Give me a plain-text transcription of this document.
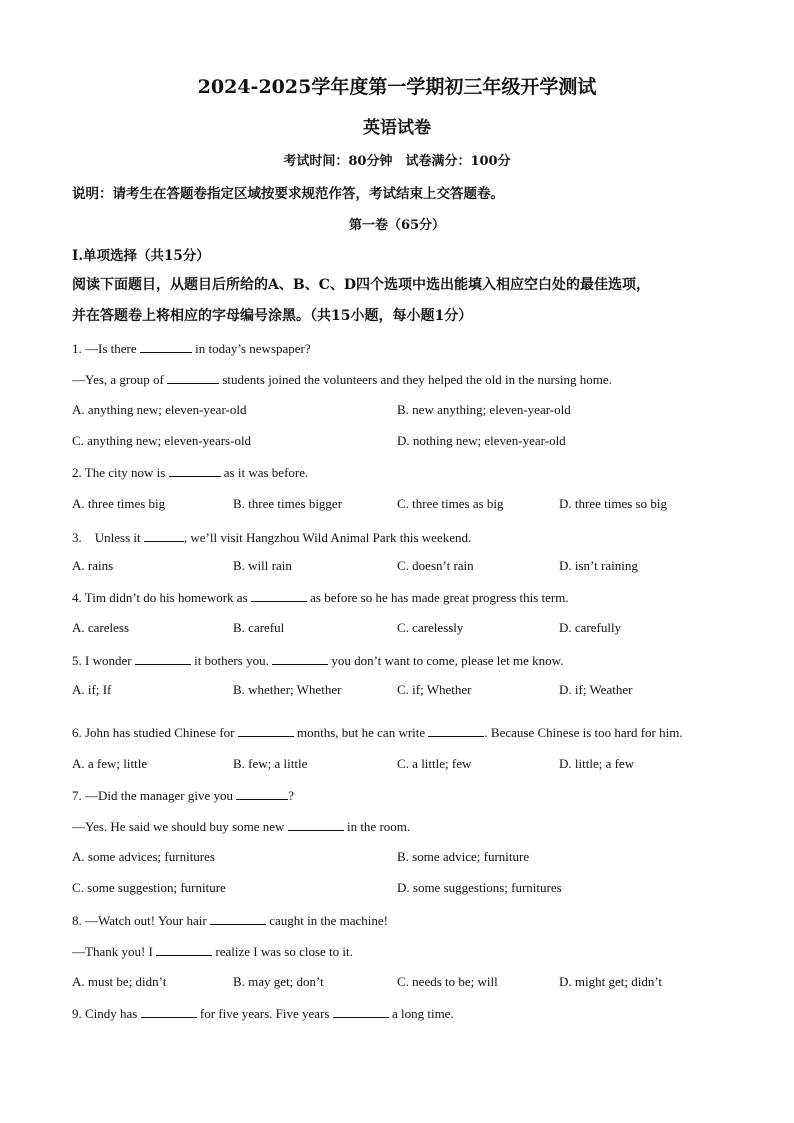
2024-2025学年度第一学期初三年级开学测试
英语试卷
考试时间：80分钟　试卷满分：100分
说明：请考生在答题卷指定区域按要求规范作答，考试结束上交答题卷。
第一卷（65分）
I.单项选择（共15分）
阅读下面题目，从题目后所给的A、B、C、D四个选项中选出能填入相应空白处的最佳选项，
并在答题卷上将相应的字母编号涂黑。（共15小题，每小题1分）
1. —Is there	in today’s newspaper?
—Yes, a group of	students joined the volunteers and they helped the old in the nursing home.
A. anything new; eleven-year-old	B. new anything; eleven-year-old
C. anything new; eleven-years-old	D. nothing new; eleven-year-old
2. The city now is	as it was before.
A. three times big	B. three times bigger	C. three times as big	D. three times so big
3.　Unless it	, we’ll visit Hangzhou Wild Animal Park this weekend.
A. rains	B. will rain	C. doesn’t rain	D. isn’t raining
4. Tim didn’t do his homework as	as before so he has made great progress this term.
A. careless	B. careful	C. carelessly	D. carefully
5. I wonder	it bothers you.	you don’t want to come, please let me know.
A. if; If	B. whether; Whether	C. if; Whether	D. if; Weather
6. John has studied Chinese for	months, but he can write	. Because Chinese is too hard for him.
A. a few; little	B. few; a little	C. a little; few	D. little; a few
7. —Did the manager give you	?
—Yes. He said we should buy some new	in the room.
A. some advices; furnitures	B. some advice; furniture
C. some suggestion; furniture	D. some suggestions; furnitures
8. —Watch out! Your hair	caught in the machine!
—Thank you! I	realize I was so close to it.
A. must be; didn’t	B. may get; don’t	C. needs to be; will	D. might get; didn’t
9. Cindy has	for five years. Five years	a long time.
